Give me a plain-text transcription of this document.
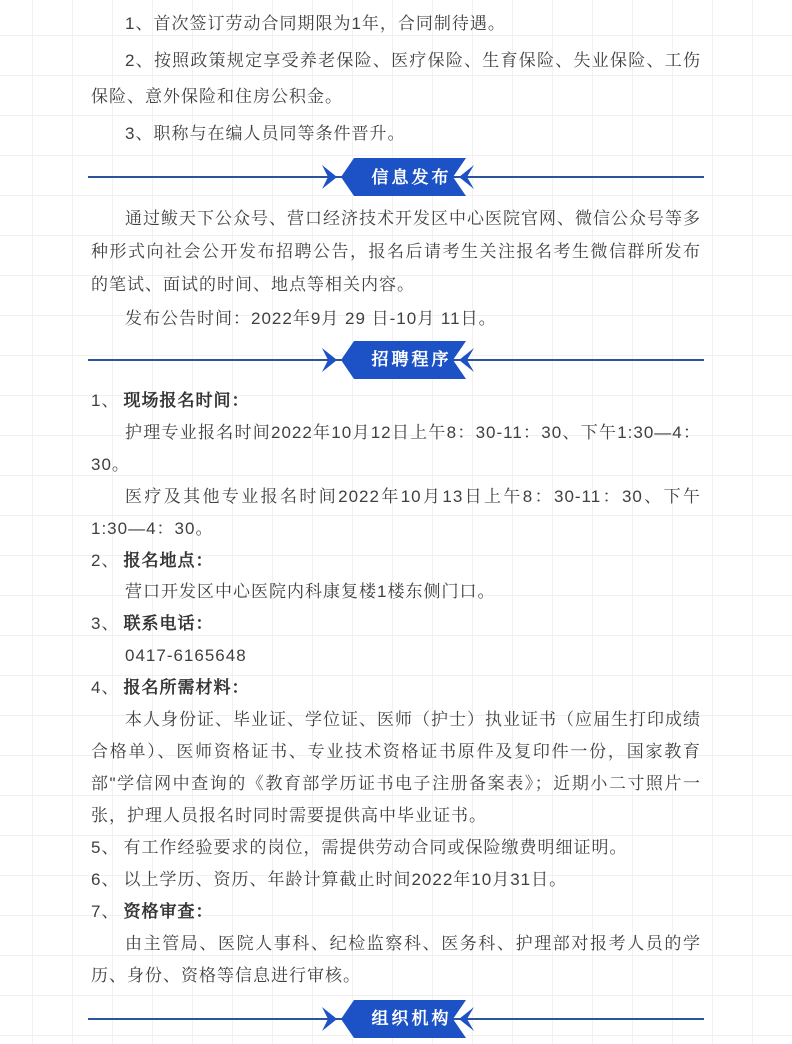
1、首次签订劳动合同期限为1年，合同制待遇。

2、按照政策规定享受养老保险、医疗保险、生育保险、失业保险、工伤保险、意外保险和住房公积金。

3、职称与在编人员同等条件晋升。

信息发布

通过鲅天下公众号、营口经济技术开发区中心医院官网、微信公众号等多种形式向社会公开发布招聘公告，报名后请考生关注报名考生微信群所发布的笔试、面试的时间、地点等相关内容。

发布公告时间：2022年9月 29 日-10月 11日。

招聘程序

1、 现场报名时间：

护理专业报名时间2022年10月12日上午8：30-11：30、下午1:30—4：30。

医疗及其他专业报名时间2022年10月13日上午8：30-11：30、下午1:30—4：30。

2、 报名地点：

营口开发区中心医院内科康复楼1楼东侧门口。

3、 联系电话：

0417-6165648

4、 报名所需材料：

本人身份证、毕业证、学位证、医师（护士）执业证书（应届生打印成绩合格单）、医师资格证书、专业技术资格证书原件及复印件一份，国家教育部"学信网中查询的《教育部学历证书电子注册备案表》；近期小二寸照片一张，护理人员报名时同时需要提供高中毕业证书。

5、 有工作经验要求的岗位，需提供劳动合同或保险缴费明细证明。

6、 以上学历、资历、年龄计算截止时间2022年10月31日。

7、 资格审查：

由主管局、医院人事科、纪检监察科、医务科、护理部对报考人员的学历、身份、资格等信息进行审核。

组织机构
